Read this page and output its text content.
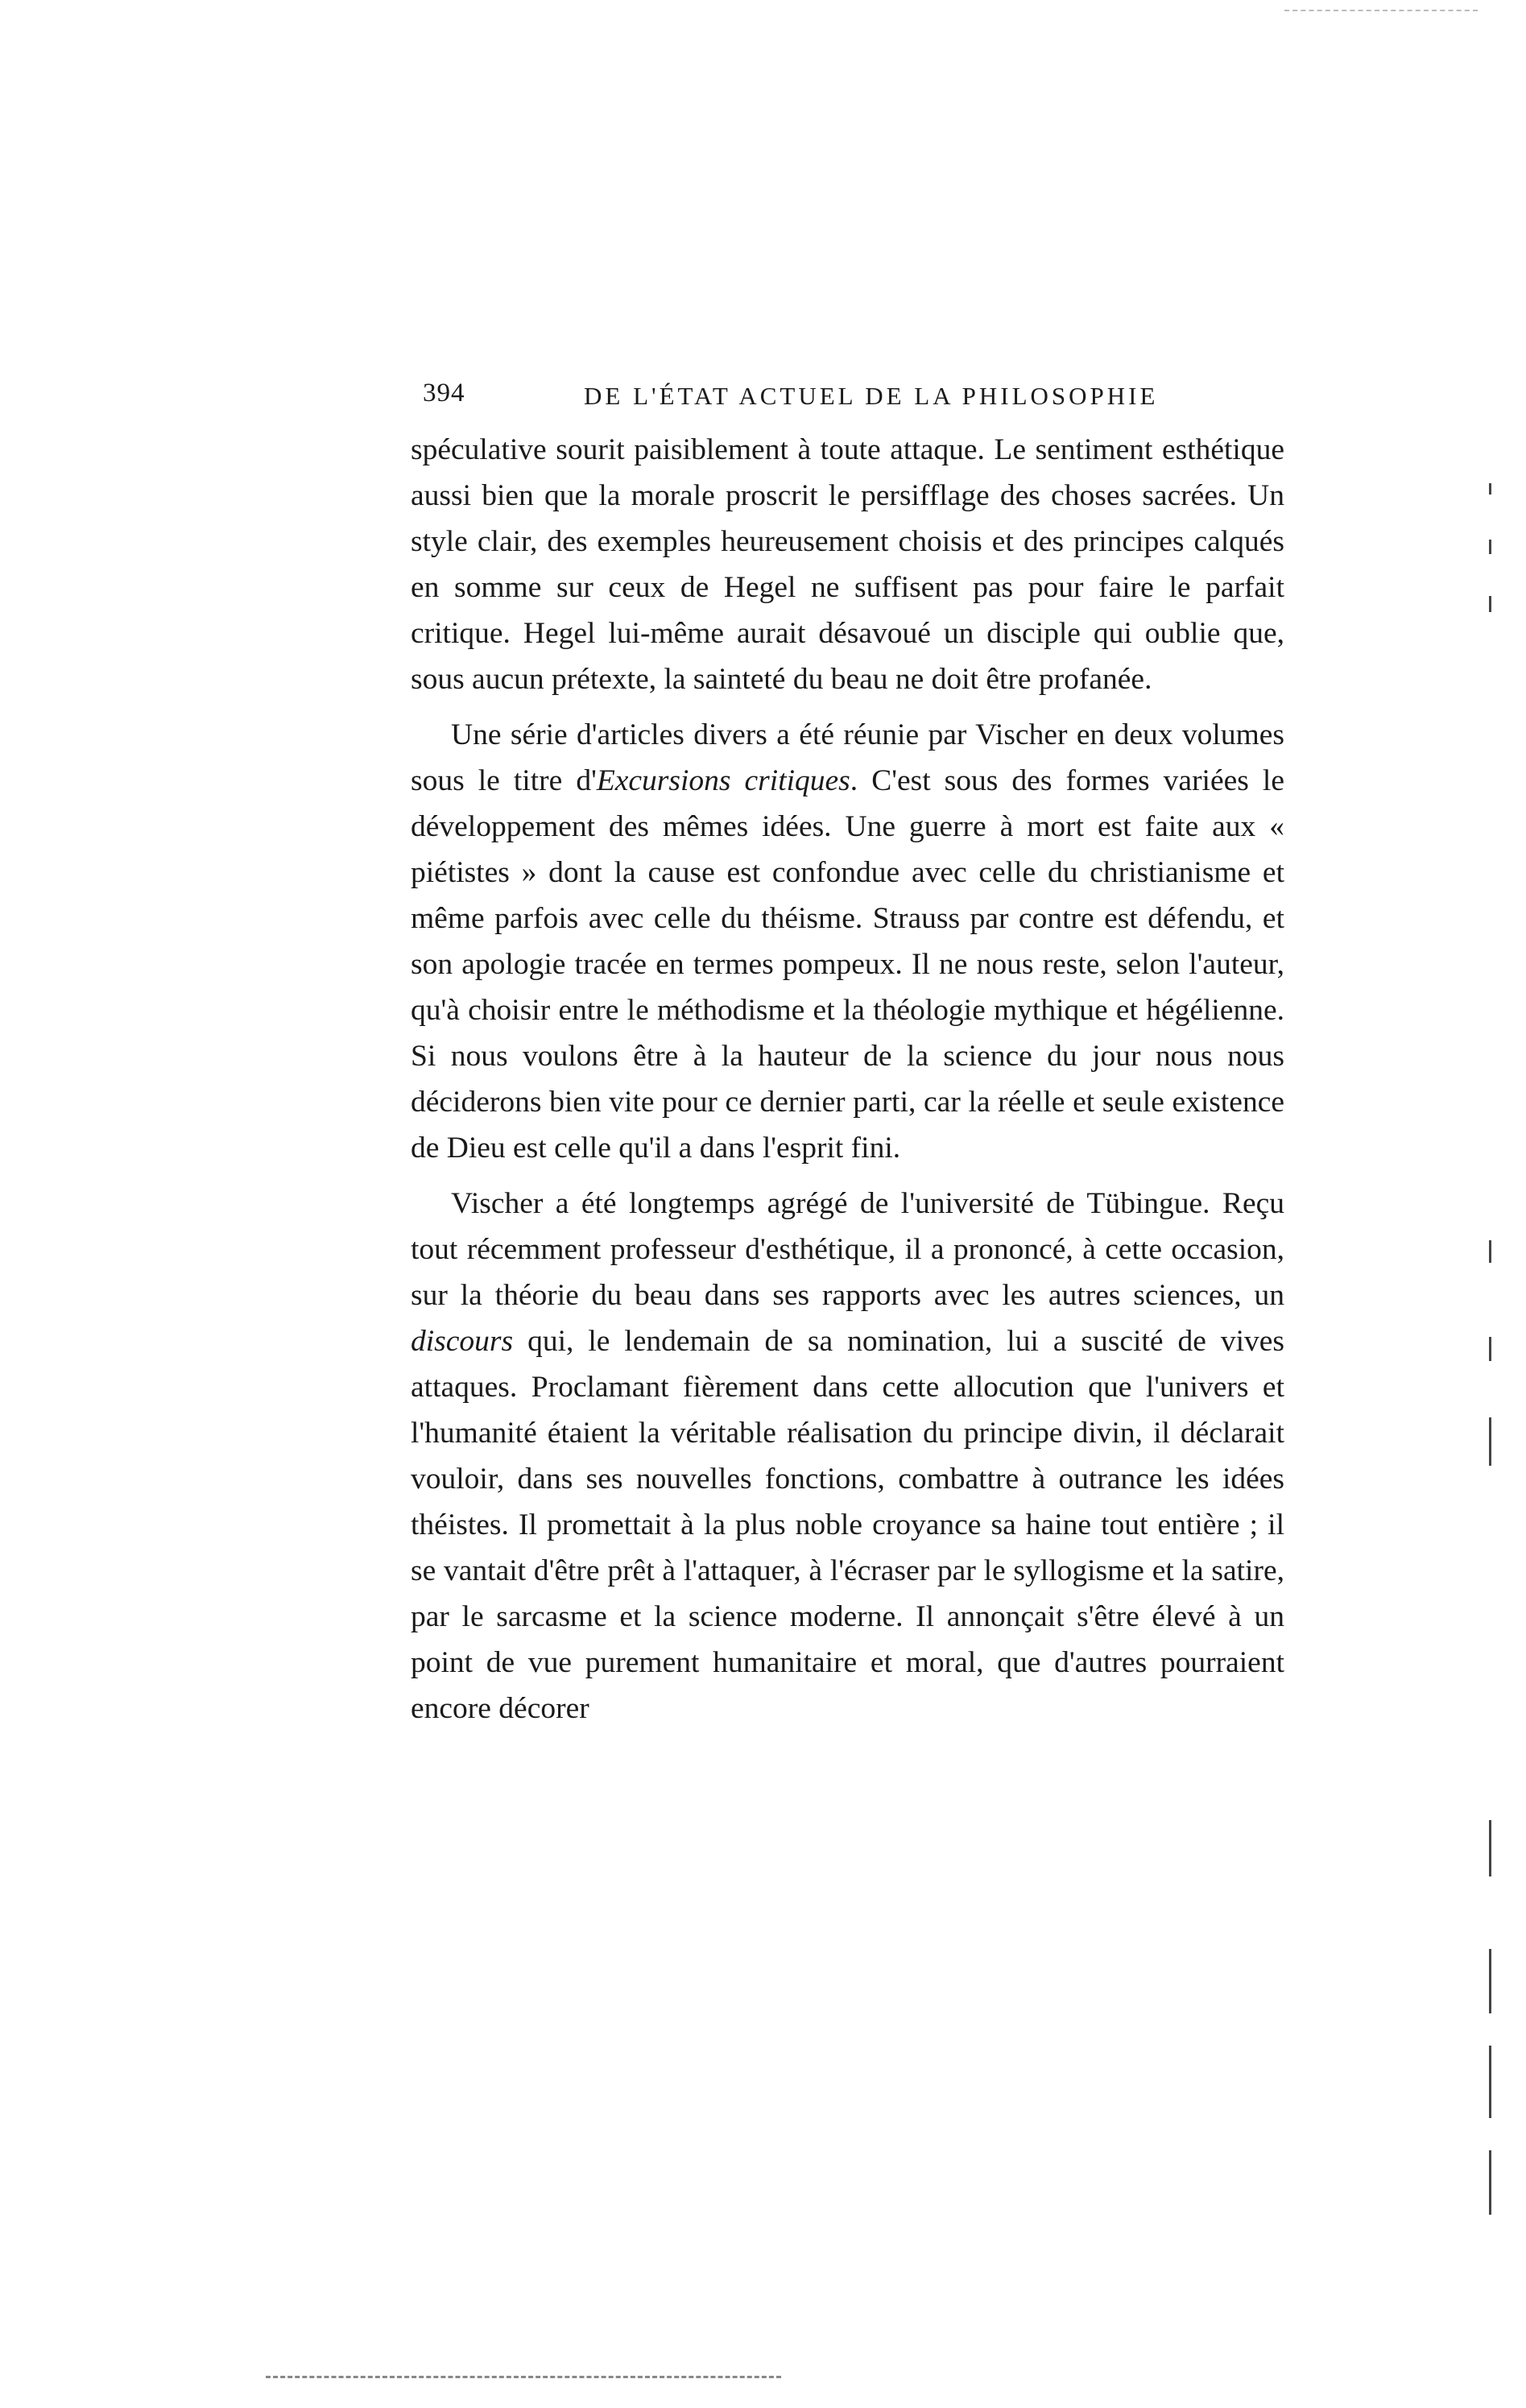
394	DE L'ÉTAT ACTUEL DE LA PHILOSOPHIE

spéculative sourit paisiblement à toute attaque. Le sentiment esthétique aussi bien que la morale proscrit le persifflage des choses sacrées. Un style clair, des exemples heureusement choisis et des principes calqués en somme sur ceux de Hegel ne suffisent pas pour faire le parfait critique. Hegel lui-même aurait désavoué un disciple qui oublie que, sous aucun prétexte, la sainteté du beau ne doit être profanée.

Une série d'articles divers a été réunie par Vischer en deux volumes sous le titre d'Excursions critiques. C'est sous des formes variées le développement des mêmes idées. Une guerre à mort est faite aux « piétistes » dont la cause est confondue avec celle du christianisme et même parfois avec celle du théisme. Strauss par contre est défendu, et son apologie tracée en termes pompeux. Il ne nous reste, selon l'auteur, qu'à choisir entre le méthodisme et la théologie mythique et hégélienne. Si nous voulons être à la hauteur de la science du jour nous nous déciderons bien vite pour ce dernier parti, car la réelle et seule existence de Dieu est celle qu'il a dans l'esprit fini.

Vischer a été longtemps agrégé de l'université de Tübingue. Reçu tout récemment professeur d'esthétique, il a prononcé, à cette occasion, sur la théorie du beau dans ses rapports avec les autres sciences, un discours qui, le lendemain de sa nomination, lui a suscité de vives attaques. Proclamant fièrement dans cette allocution que l'univers et l'humanité étaient la véritable réalisation du principe divin, il déclarait vouloir, dans ses nouvelles fonctions, combattre à outrance les idées théistes. Il promettait à la plus noble croyance sa haine tout entière ; il se vantait d'être prêt à l'attaquer, à l'écraser par le syllogisme et la satire, par le sarcasme et la science moderne. Il annonçait s'être élevé à un point de vue purement humanitaire et moral, que d'autres pourraient encore décorer
